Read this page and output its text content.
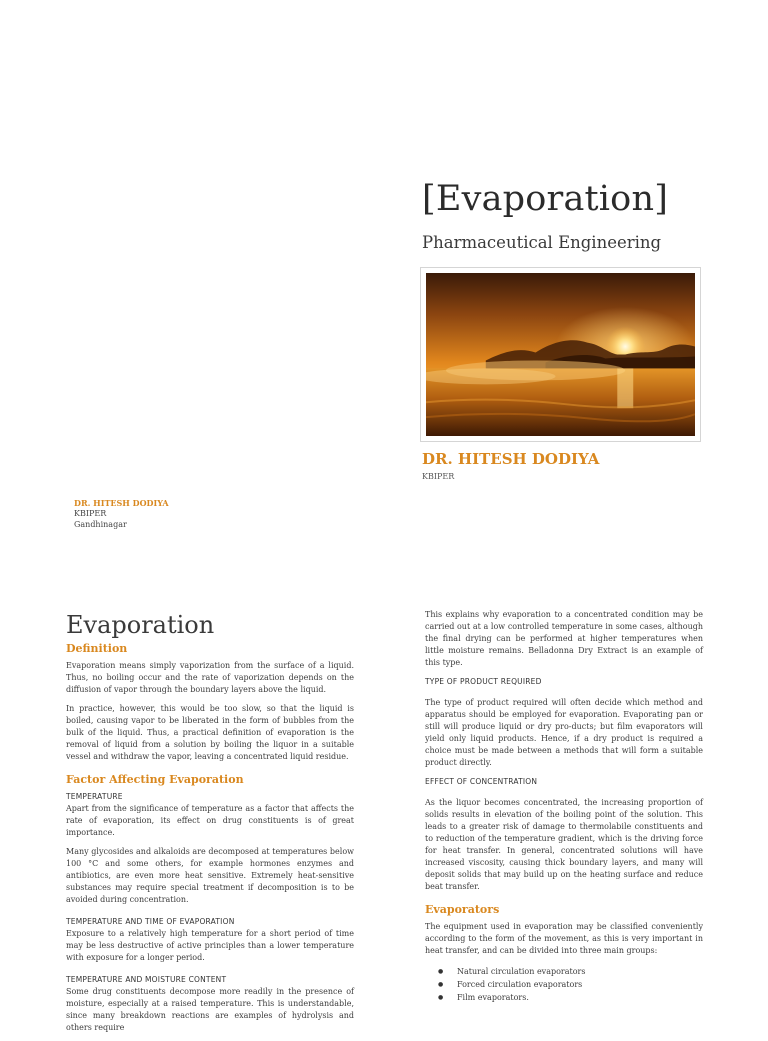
[Evaporation]
Pharmaceutical Engineering
DR. HITESH DODIYA
KBIPER
DR. HITESH DODIYA
KBIPER
Gandhinagar
Evaporation
Definition

Evaporation means simply vaporization from the surface of a liquid. Thus, no boiling occur and the rate of vaporization depends on the diffusion of vapor through the boundary layers above the liquid.

In practice, however, this would be too slow, so that the liquid is boiled, causing vapor to be liberated in the form of bubbles from the bulk of the liquid. Thus, a practical definition of evaporation is the removal of liquid from a solution by boiling the liquor in a suitable vessel and withdraw the vapor, leaving a concentrated liquid residue.

Factor Affecting Evaporation
TEMPERATURE

Apart from the significance of temperature as a factor that affects the rate of evaporation, its effect on drug constituents is of great importance.

Many glycosides and alkaloids are decomposed at temperatures below 100 °C and some others, for example hormones enzymes and antibiotics, are even more heat sensitive. Extremely heat-sensitive substances may require special treatment if decomposition is to be avoided during concentration.

TEMPERATURE AND TIME OF EVAPORATION

Exposure to a relatively high temperature for a short period of time may be less destructive of active principles than a lower temperature with exposure for a longer period.

TEMPERATURE AND MOISTURE CONTENT

Some drug constituents decompose more readily in the presence of moisture, especially at a raised temperature. This is understandable, since many breakdown reactions are examples of hydrolysis and others require

This explains why evaporation to a concentrated condition may be carried out at a low controlled temperature in some cases, although the final drying can be performed at higher temperatures when little moisture remains. Belladonna Dry Extract is an example of this type.

TYPE OF PRODUCT REQUIRED

The type of product required will often decide which method and apparatus should be employed for evaporation. Evaporating pan or still will produce liquid or dry pro-ducts; but film evaporators will yield only liquid products. Hence, if a dry product is required a choice must be made between a methods that will form a suitable product directly.

EFFECT OF CONCENTRATION

As the liquor becomes concentrated, the increasing proportion of solids results in elevation of the boiling point of the solution. This leads to a greater risk of damage to thermolabile constituents and to reduction of the temperature gradient, which is the driving force for heat transfer. In general, concentrated solutions will have increased viscosity, causing thick boundary layers, and many will deposit solids that may build up on the heating surface and reduce beat transfer.

Evaporators

The equipment used in evaporation may be classified conveniently according to the form of the movement, as this is very important in heat transfer, and can be divided into three main groups:

● Natural circulation evaporators
● Forced circulation evaporators
● Film evaporators.
